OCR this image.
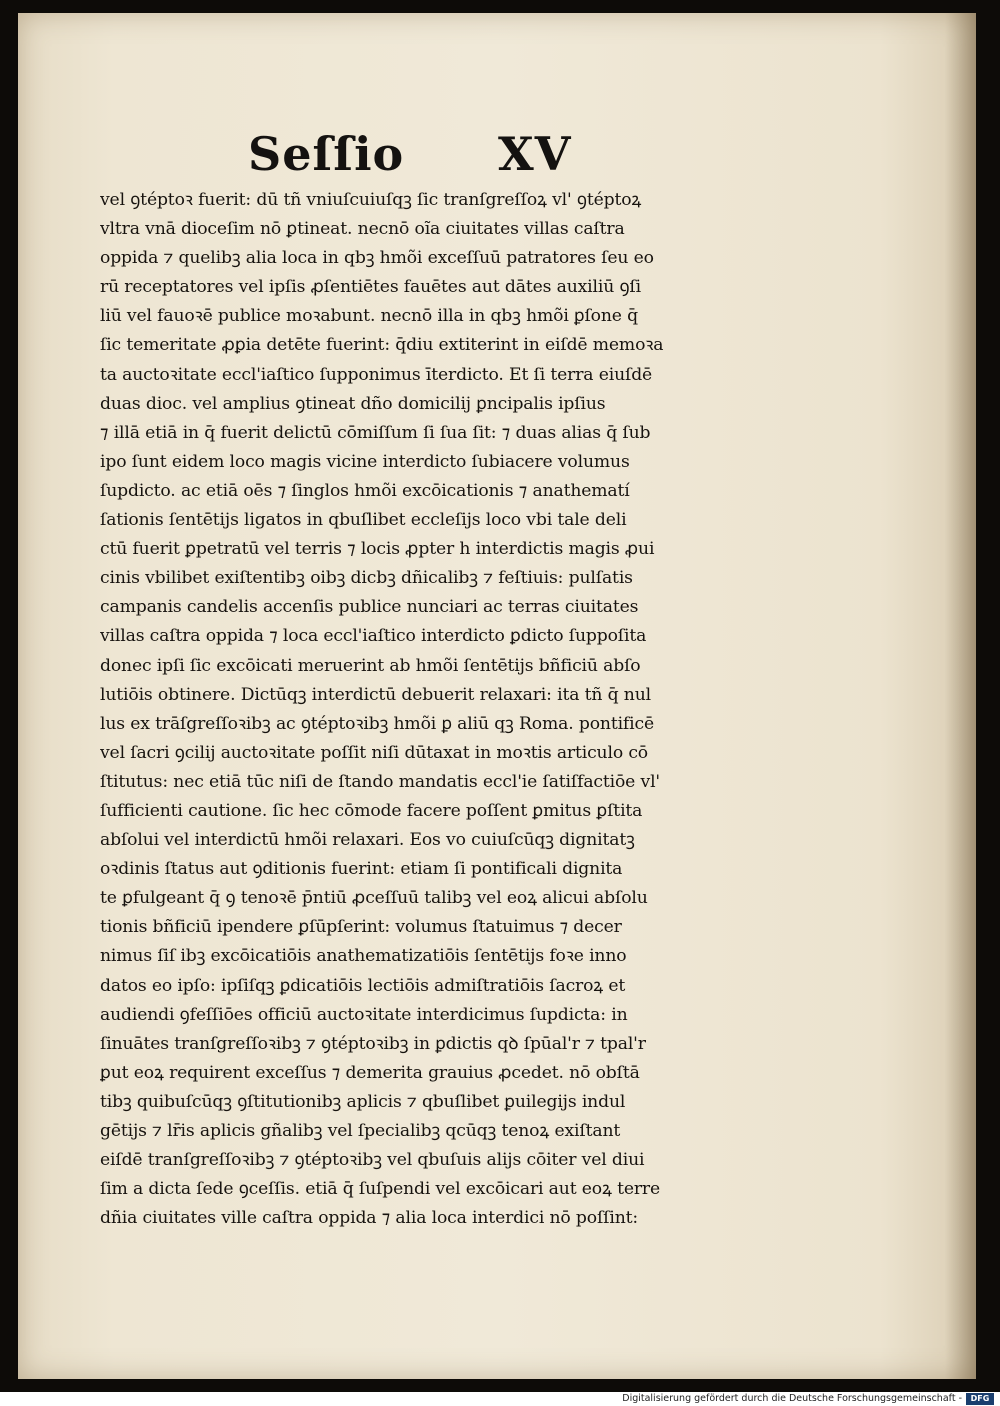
Seſſio XV
vel ꝯtéptoꝛ fuerit: dū tñ vniuſcuiuſqꝫ ſic tranſgreſſoꝝ vl' ꝯtéptoꝝ
vltra vnā dioceſim nō ꝑtineat. necnō oĩa ciuitates villas caſtra
oppida ⁊ quelibꝫ alia loca in qbꝫ hmõi exceſſuū patratores ſeu eo
rū receptatores vel ipſis ꝓſentiētes fauētes aut dātes auxiliū ꝯſi
liū vel fauoꝛē publice moꝛabunt. necnō illa in qbꝫ hmõi ꝑſone q̄
ſic temeritate ꝓꝑia detēte fuerint: q̄diu extiterint in eiſdē memoꝛa
ta auctoꝛitate eccl'iaſtico ſupponimus īterdicto. Et ſi terra eiuſdē
duas dioc. vel amplius ꝯtineat dño domicilij ꝑncipalis ipſius
⁊ illā etiā in q̄ fuerit delictū cōmiſſum ſi ſua ſit: ⁊ duas alias q̄ ſub
ipo ſunt eidem loco magis vicine interdicto ſubiacere volumus
ſupdicto. ac etiā oēs ⁊ ſinglos hmõi excōicationis ⁊ anathematí
ſationis ſentētijs ligatos in qbuſlibet eccleſijs loco vbi tale deli
ctū fuerit ꝑpetratū vel terris ⁊ locis ꝓpter h interdictis magis ꝓui
cinis vbilibet exiſtentibꝫ oibꝫ dicbꝫ dñicalibꝫ ⁊ feſtiuis: pulſatis
campanis candelis accenſis publice nunciari ac terras ciuitates
villas caſtra oppida ⁊ loca eccl'iaſtico interdicto ꝑdicto ſuppoſita
donec ipſi ſic excōicati meruerint ab hmõi ſentētijs bñficiū abſo
lutiōis obtinere. Dictūqꝫ interdictū debuerit relaxari: ita tñ q̄ nul
lus ex trāſgreſſoꝛibꝫ ac ꝯtéptoꝛibꝫ hmõi ꝑ aliū qꝫ Roma. pontificē
vel ſacri ꝯcilij auctoꝛitate poſſit niſi dūtaxat in moꝛtis articulo cō
ſtitutus: nec etiā tūc niſi de ſtando mandatis eccl'ie ſatiſfactiōe vl'
ſufficienti cautione. ſic hec cōmode facere poſſent ꝑmitus ꝑſtita
abſolui vel interdictū hmõi relaxari. Eos vo cuiuſcūqꝫ dignitatꝫ
oꝛdinis ſtatus aut ꝯditionis fuerint: etiam ſi pontificali dignita
te ꝑfulgeant q̄ ꝯ tenoꝛē p̄ntiū ꝓceſſuū talibꝫ vel eoꝝ alicui abſolu
tionis bñficiū ipendere ꝑſūpſerint: volumus ſtatuimus ⁊ decer
nimus ſiſ ibꝫ excōicatiōis anathematizatiōis ſentētijs foꝛe inno
datos eo ipſo: ipſiſqꝫ ꝑdicatiōis lectiōis admiſtratiōis ſacroꝝ et
audiendi ꝯfeſſiōes officiū auctoꝛitate interdicimus ſupdicta: in
ſinuātes tranſgreſſoꝛibꝫ ⁊ ꝯtéptoꝛibꝫ in ꝑdictis qꝺ ſpūal'r ⁊ tpal'r
ꝑut eoꝝ requirent exceſſus ⁊ demerita grauius ꝓcedet. nō obſtā
tibꝫ quibuſcūqꝫ ꝯſtitutionibꝫ aplicis ⁊ qbuſlibet ꝑuilegijs indul
gētijs ⁊ lr̄is aplicis gñalibꝫ vel ſpecialibꝫ qcūqꝫ tenoꝝ exiſtant
eiſdē tranſgreſſoꝛibꝫ ⁊ ꝯtéptoꝛibꝫ vel qbuſuis alijs cōiter vel diui
ſim a dicta ſede ꝯceſſis. etiā q̄ ſuſpendi vel excōicari aut eoꝝ terre
dñia ciuitates ville caſtra oppida ⁊ alia loca interdici nō poſſint:
Digitalisierung gefördert durch die Deutsche Forschungsgemeinschaft -	DFG
